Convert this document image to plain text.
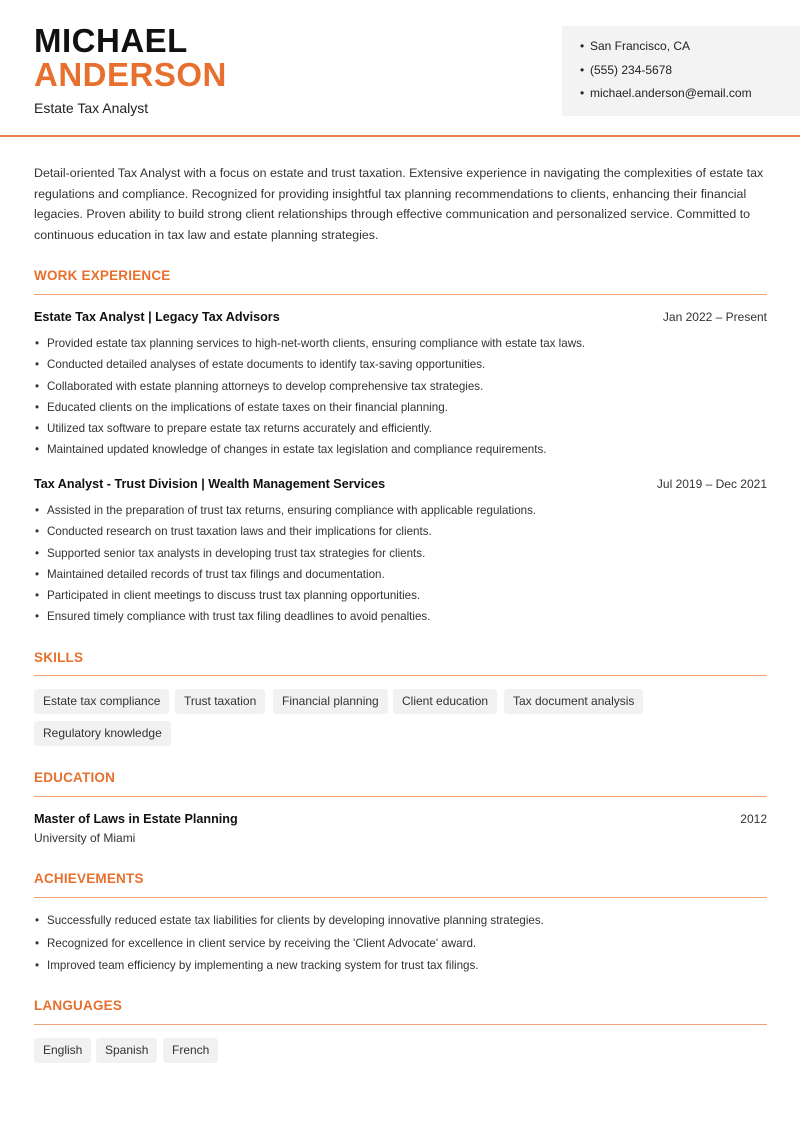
MICHAEL
ANDERSON
Estate Tax Analyst
• San Francisco, CA
• (555) 234-5678
• michael.anderson@email.com
Detail-oriented Tax Analyst with a focus on estate and trust taxation. Extensive experience in navigating the complexities of estate tax regulations and compliance. Recognized for providing insightful tax planning recommendations to clients, enhancing their financial legacies. Proven ability to build strong client relationships through effective communication and personalized service. Committed to continuous education in tax law and estate planning strategies.
WORK EXPERIENCE
Estate Tax Analyst | Legacy Tax Advisors	Jan 2022 – Present
• Provided estate tax planning services to high-net-worth clients, ensuring compliance with estate tax laws.
• Conducted detailed analyses of estate documents to identify tax-saving opportunities.
• Collaborated with estate planning attorneys to develop comprehensive tax strategies.
• Educated clients on the implications of estate taxes on their financial planning.
• Utilized tax software to prepare estate tax returns accurately and efficiently.
• Maintained updated knowledge of changes in estate tax legislation and compliance requirements.
Tax Analyst - Trust Division | Wealth Management Services	Jul 2019 – Dec 2021
• Assisted in the preparation of trust tax returns, ensuring compliance with applicable regulations.
• Conducted research on trust taxation laws and their implications for clients.
• Supported senior tax analysts in developing trust tax strategies for clients.
• Maintained detailed records of trust tax filings and documentation.
• Participated in client meetings to discuss trust tax planning opportunities.
• Ensured timely compliance with trust tax filing deadlines to avoid penalties.
SKILLS
Estate tax compliance	Trust taxation	Financial planning	Client education	Tax document analysis
Regulatory knowledge
EDUCATION
Master of Laws in Estate Planning	2012
University of Miami
ACHIEVEMENTS
• Successfully reduced estate tax liabilities for clients by developing innovative planning strategies.
• Recognized for excellence in client service by receiving the 'Client Advocate' award.
• Improved team efficiency by implementing a new tracking system for trust tax filings.
LANGUAGES
English	Spanish	French
